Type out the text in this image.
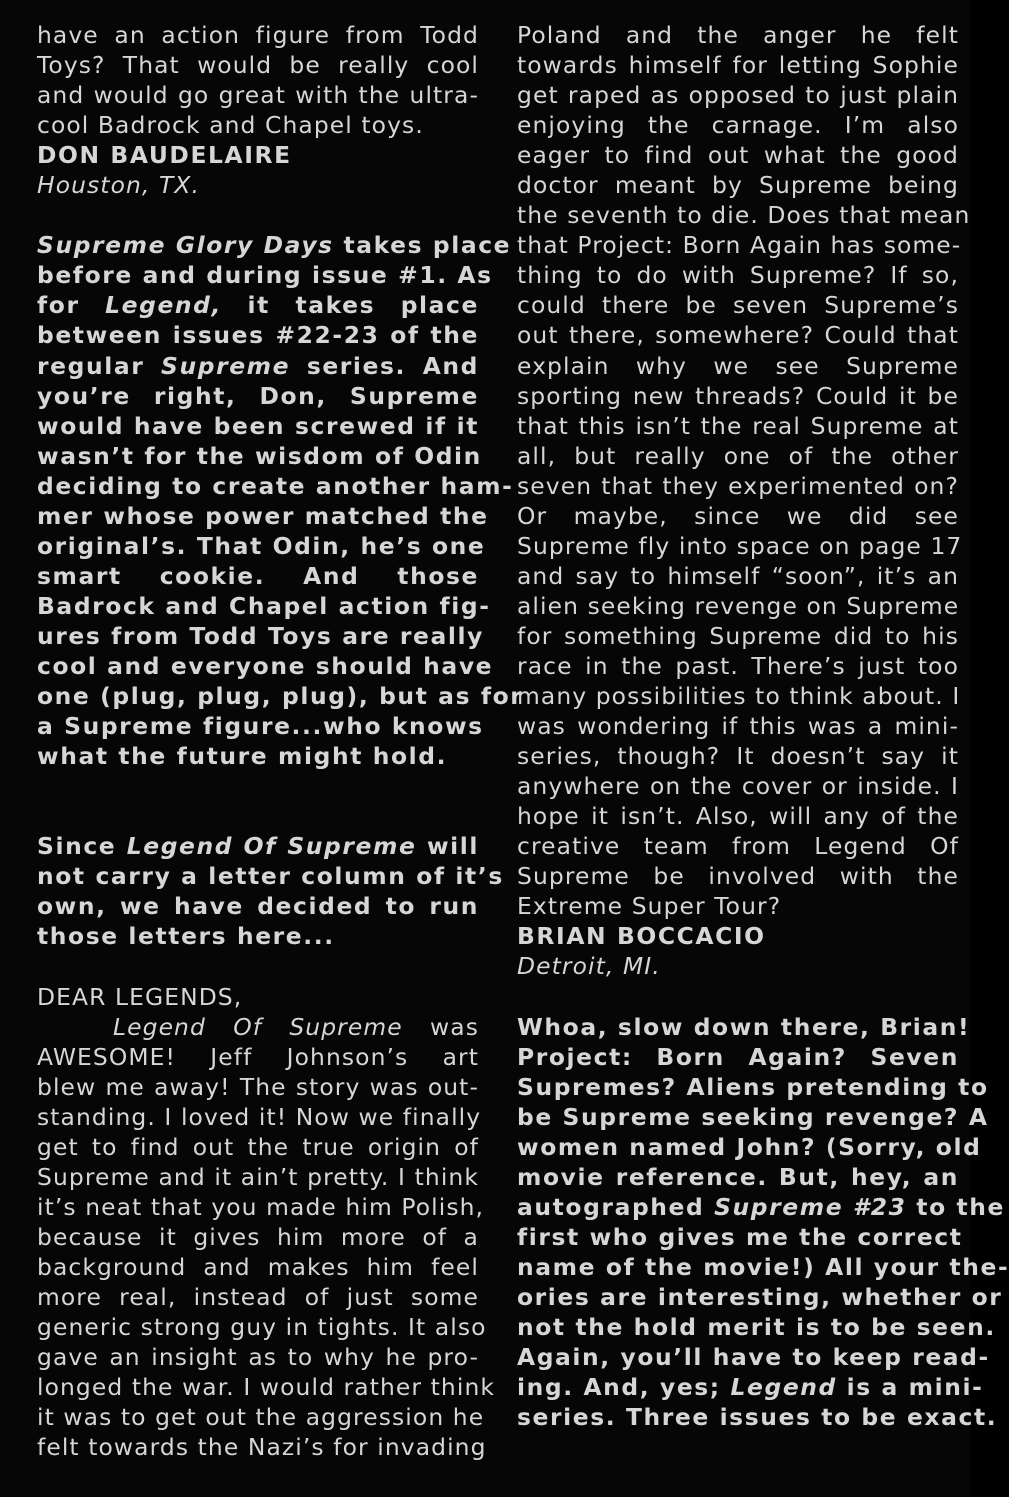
have an action figure from Todd
Toys? That would be really cool
and would go great with the ultra-
cool Badrock and Chapel toys.
DON BAUDELAIRE
Houston, TX.
Supreme Glory Days takes place
before and during issue #1. As
for Legend, it takes place
between issues #22-23 of the
regular Supreme series. And
you’re right, Don, Supreme
would have been screwed if it
wasn’t for the wisdom of Odin
deciding to create another ham-
mer whose power matched the
original’s. That Odin, he’s one
smart cookie. And those
Badrock and Chapel action fig-
ures from Todd Toys are really
cool and everyone should have
one (plug, plug, plug), but as for
a Supreme figure...who knows
what the future might hold.
Since Legend Of Supreme will
not carry a letter column of it’s
own, we have decided to run
those letters here...
DEAR LEGENDS,
Legend Of Supreme was
AWESOME! Jeff Johnson’s art
blew me away! The story was out-
standing. I loved it! Now we finally
get to find out the true origin of
Supreme and it ain’t pretty. I think
it’s neat that you made him Polish,
because it gives him more of a
background and makes him feel
more real, instead of just some
generic strong guy in tights. It also
gave an insight as to why he pro-
longed the war. I would rather think
it was to get out the aggression he
felt towards the Nazi’s for invading
Poland and the anger he felt
towards himself for letting Sophie
get raped as opposed to just plain
enjoying the carnage. I’m also
eager to find out what the good
doctor meant by Supreme being
the seventh to die. Does that mean
that Project: Born Again has some-
thing to do with Supreme? If so,
could there be seven Supreme’s
out there, somewhere? Could that
explain why we see Supreme
sporting new threads? Could it be
that this isn’t the real Supreme at
all, but really one of the other
seven that they experimented on?
Or maybe, since we did see
Supreme fly into space on page 17
and say to himself “soon”, it’s an
alien seeking revenge on Supreme
for something Supreme did to his
race in the past. There’s just too
many possibilities to think about. I
was wondering if this was a mini-
series, though? It doesn’t say it
anywhere on the cover or inside. I
hope it isn’t. Also, will any of the
creative team from Legend Of
Supreme be involved with the
Extreme Super Tour?
BRIAN BOCCACIO
Detroit, MI.
Whoa, slow down there, Brian!
Project: Born Again? Seven
Supremes? Aliens pretending to
be Supreme seeking revenge? A
women named John? (Sorry, old
movie reference. But, hey, an
autographed Supreme #23 to the
first who gives me the correct
name of the movie!) All your the-
ories are interesting, whether or
not the hold merit is to be seen.
Again, you’ll have to keep read-
ing. And, yes; Legend is a mini-
series. Three issues to be exact.
